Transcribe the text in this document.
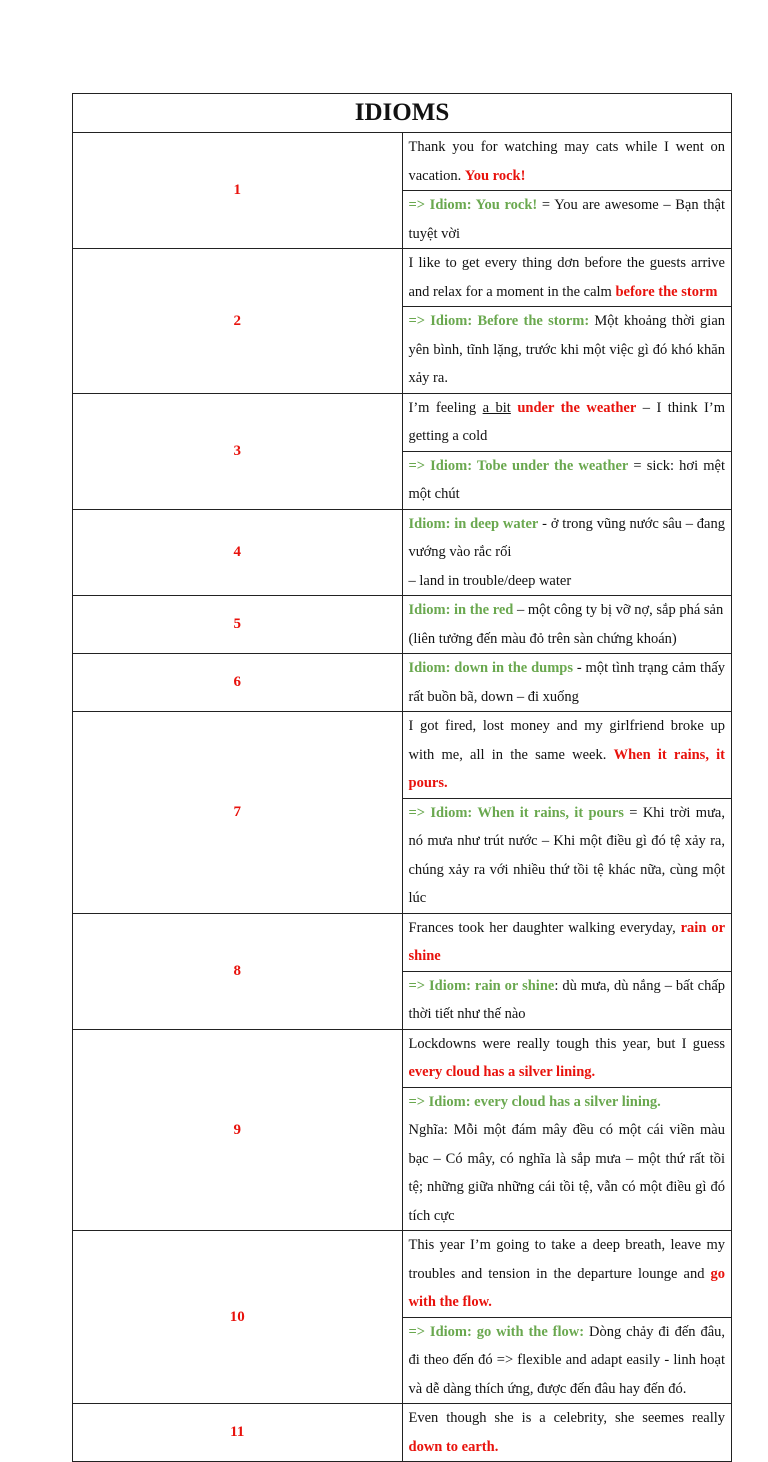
IDIOMS	
1	Thank you for watching may cats while I went on vacation. You rock!
	=> Idiom: You rock! = You are awesome – Bạn thật tuyệt vời
2	I like to get every thing dơn before the guests arrive and relax for a moment in the calm before the storm
	=> Idiom: Before the storm: Một khoảng thời gian yên bình, tĩnh lặng, trước khi một việc gì đó khó khăn xảy ra.
3	I’m feeling a bit under the weather – I think I’m getting a cold
	=> Idiom: Tobe under the weather = sick: hơi mệt một chút
4	Idiom: in deep water - ở trong vũng nước sâu – đang vướng vào rắc rối
– land in trouble/deep water
5	Idiom: in the red – một công ty bị vỡ nợ, sắp phá sản
(liên tưởng đến màu đỏ trên sàn chứng khoán)
6	Idiom: down in the dumps - một tình trạng cảm thấy rất buồn bã, down – đi xuống
7	I got fired, lost money and my girlfriend broke up with me, all in the same week. When it rains, it pours.
	=> Idiom: When it rains, it pours = Khi trời mưa, nó mưa như trút nước – Khi một điều gì đó tệ xảy ra, chúng xảy ra với nhiều thứ tồi tệ khác nữa, cùng một lúc
8	Frances took her daughter walking everyday, rain or shine
	=> Idiom: rain or shine: dù mưa, dù nắng – bất chấp thời tiết như thế nào
9	Lockdowns were really tough this year, but I guess every cloud has a silver lining.
	=> Idiom: every cloud has a silver lining.
Nghĩa: Mỗi một đám mây đều có một cái viền màu bạc – Có mây, có nghĩa là sắp mưa – một thứ rất tồi tệ; những giữa những cái tồi tệ, vẫn có một điều gì đó tích cực
10	This year I’m going to take a deep breath, leave my troubles and tension in the departure lounge and go with the flow.
	=> Idiom: go with the flow: Dòng chảy đi đến đâu, đi theo đến đó => flexible and adapt easily - linh hoạt và dễ dàng thích ứng, được đến đâu hay đến đó.
11	Even though she is a celebrity, she seemes really down to earth.
